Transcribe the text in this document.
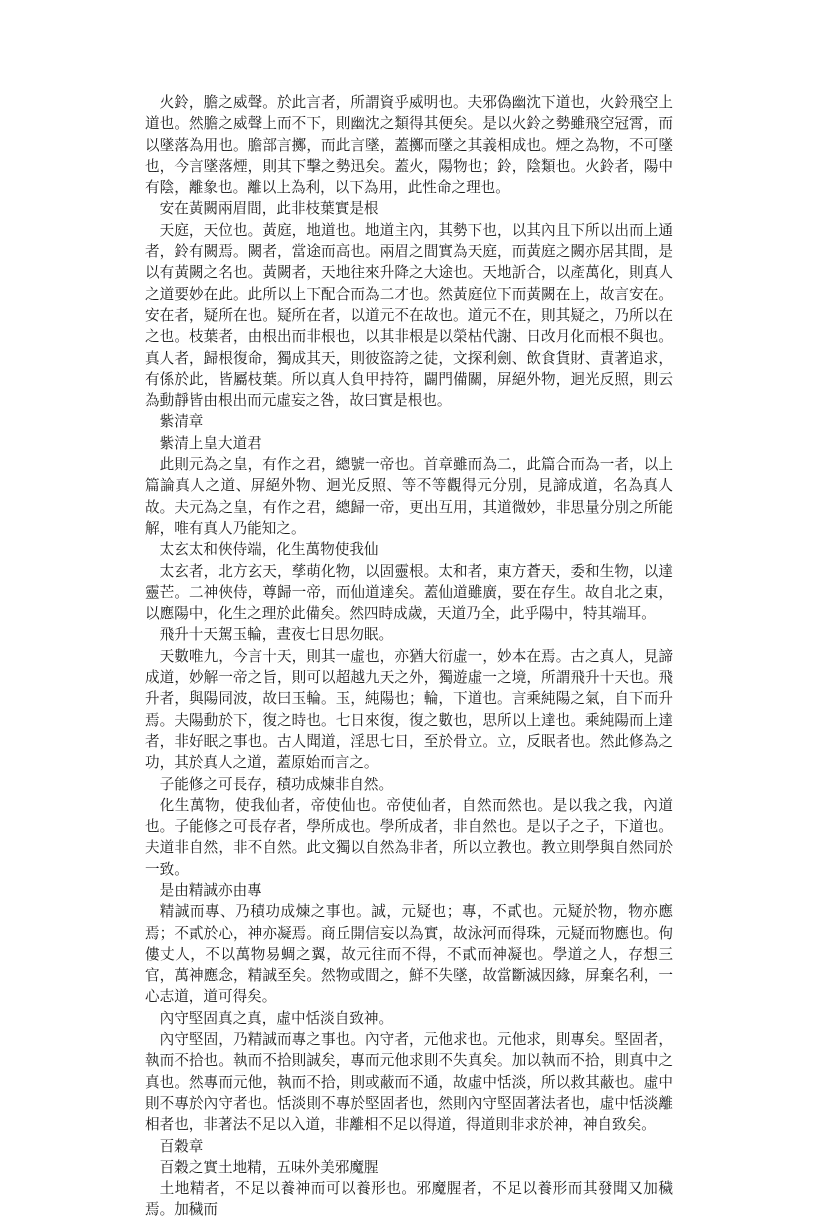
火鈴，膽之威聲。於此言者，所謂資乎威明也。夫邪偽幽沈下道也，火鈴飛空上道也。然膽之威聲上而不下，則幽沈之類得其便矣。是以火鈴之勢雖飛空冠霄，而以墜落為用也。膽部言擲，而此言墜，蓋擲而墜之其義相成也。煙之為物，不可墜也，今言墜落煙，則其下擊之勢迅矣。蓋火，陽物也；鈴，陰類也。火鈴者，陽中有陰，離象也。離以上為利，以下為用，此性命之理也。

安在黃闕兩眉間，此非枝葉實是根

天庭，天位也。黃庭，地道也。地道主內，其勢下也，以其內且下所以出而上通者，鈴有闕焉。闕者，當途而高也。兩眉之間實為天庭，而黃庭之闕亦居其間，是以有黃闕之名也。黃闕者，天地往來升降之大途也。天地訢合，以產萬化，則真人之道要妙在此。此所以上下配合而為二才也。然黃庭位下而黃闕在上，故言安在。安在者，疑所在也。疑所在者，以道元不在故也。道元不在，則其疑之，乃所以在之也。枝葉者，由根出而非根也，以其非根是以榮枯代謝、日改月化而根不與也。真人者，歸根復命，獨成其天，則彼盜誇之徒，文探利劍、飲食貨財、責著追求，有係於此，皆屬枝葉。所以真人負甲持符，闢門備關，屏絕外物，迴光反照，則云為動靜皆由根出而元虛妄之咎，故曰實是根也。

紫清章

紫清上皇大道君

此則元為之皇，有作之君，總號一帝也。首章雖而為二，此篇合而為一者，以上篇論真人之道、屏絕外物、迴光反照、等不等觀得元分別，見諦成道，名為真人故。夫元為之皇，有作之君，總歸一帝，更出互用，其道微妙，非思量分別之所能解，唯有真人乃能知之。

太玄太和俠侍端，化生萬物使我仙

太玄者，北方玄天，孳萌化物，以固靈根。太和者，東方蒼天，委和生物，以達靈芒。二神俠侍，尊歸一帝，而仙道達矣。蓋仙道雖廣，要在存生。故自北之東，以應陽中，化生之理於此備矣。然四時成歲，天道乃全，此乎陽中，特其端耳。

飛升十天駕玉輪，晝夜七日思勿眠。

天數唯九，今言十天，則其一虛也，亦猶大衍虛一，妙本在焉。古之真人，見諦成道，妙解一帝之旨，則可以超越九天之外，獨遊虛一之境，所謂飛升十天也。飛升者，與陽同波，故曰玉輪。玉，純陽也；輪，下道也。言乘純陽之氣，自下而升焉。夫陽動於下，復之時也。七日來復，復之數也，思所以上達也。乘純陽而上達者，非好眠之事也。古人聞道，淫思七日，至於骨立。立，反眠者也。然此修為之功，其於真人之道，蓋原始而言之。

子能修之可長存，積功成煉非自然。

化生萬物，使我仙者，帝使仙也。帝使仙者，自然而然也。是以我之我，內道也。子能修之可長存者，學所成也。學所成者，非自然也。是以子之子，下道也。夫道非自然，非不自然。此文獨以自然為非者，所以立教也。教立則學與自然同於一致。

是由精誠亦由專

精誠而專、乃積功成煉之事也。誠，元疑也；專，不貳也。元疑於物，物亦應焉；不貳於心，神亦凝焉。商丘開信妄以為實，故泳河而得珠，元疑而物應也。佝僂丈人，不以萬物易蜩之翼，故元往而不得，不貳而神凝也。學道之人，存想三官，萬神應念，精誠至矣。然物或間之，鮮不失墜，故當斷滅因緣，屏棄名利，一心志道，道可得矣。

內守堅固真之真，虛中恬淡自致神。

內守堅固，乃精誠而專之事也。內守者，元他求也。元他求，則專矣。堅固者，執而不拾也。執而不拾則誠矣，專而元他求則不失真矣。加以執而不拾，則真中之真也。然專而元他，執而不拾，則或蔽而不通，故虛中恬淡，所以救其蔽也。虛中則不專於內守者也。恬淡則不專於堅固者也，然則內守堅固著法者也，虛中恬淡離相者也，非著法不足以入道，非離相不足以得道，得道則非求於神，神自致矣。

百穀章

百穀之實土地精，五味外美邪魔腥

土地精者，不足以養神而可以養形也。邪魔腥者，不足以養形而其發聞又加穢焉。加穢而
